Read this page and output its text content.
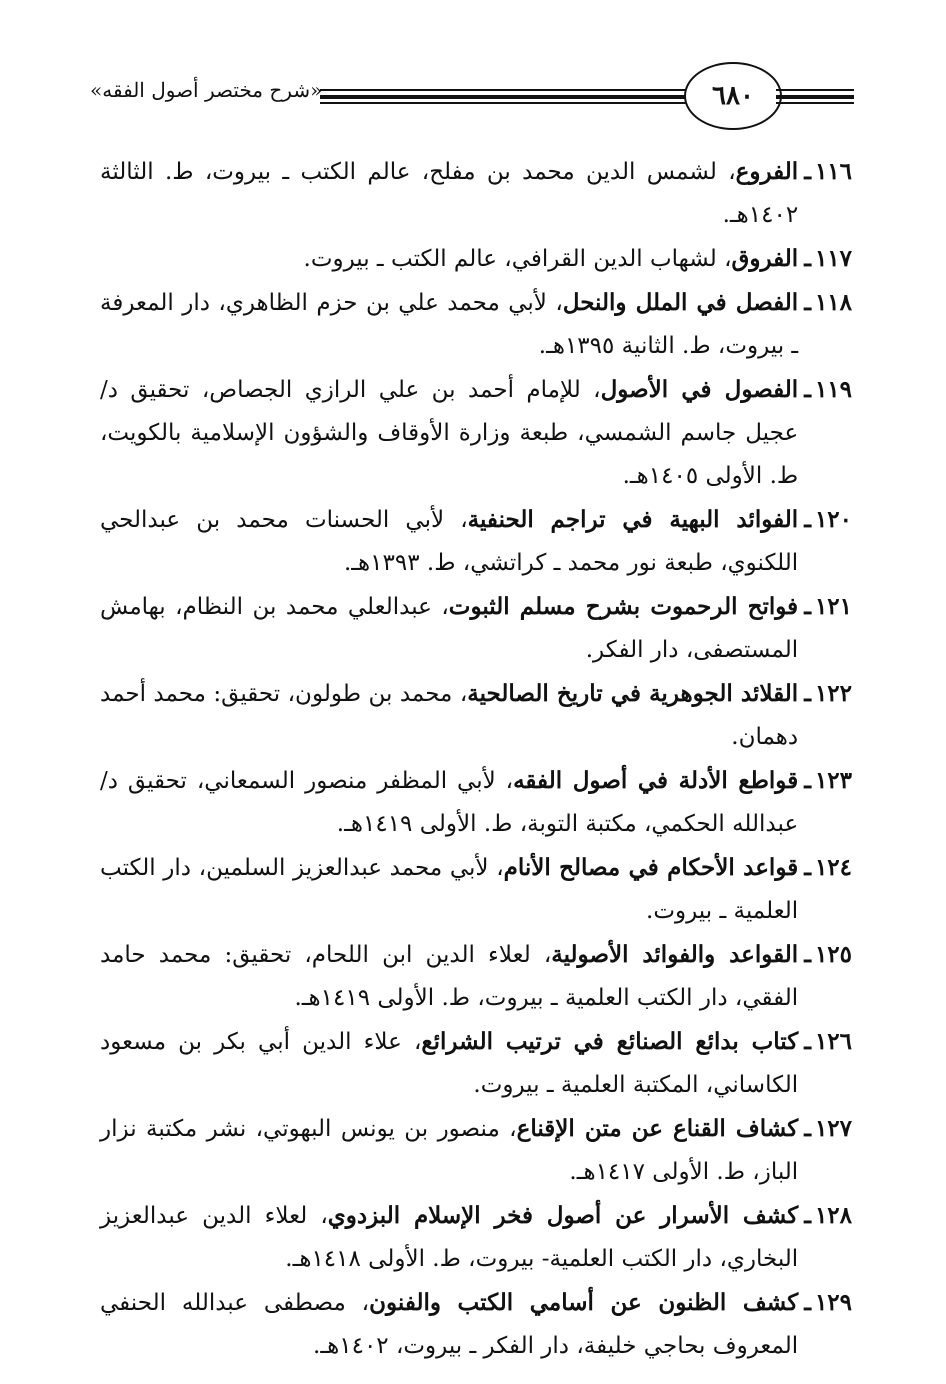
«شرح مختصر أصول الفقه»	٦٨٠
١١٦
ـ
الفروع، لشمس الدين محمد بن مفلح، عالم الكتب ـ بيروت، ط. الثالثة ١٤٠٢هـ.
١١٧
ـ
الفروق، لشهاب الدين القرافي، عالم الكتب ـ بيروت.
١١٨
ـ
الفصل في الملل والنحل، لأبي محمد علي بن حزم الظاهري، دار المعرفة ـ بيروت، ط. الثانية ١٣٩٥هـ.
١١٩
ـ
الفصول في الأصول، للإمام أحمد بن علي الرازي الجصاص، تحقيق د/عجيل جاسم الشمسي، طبعة وزارة الأوقاف والشؤون الإسلامية بالكويت، ط. الأولى ١٤٠٥هـ.
١٢٠
ـ
الفوائد البهية في تراجم الحنفية، لأبي الحسنات محمد بن عبدالحي اللكنوي، طبعة نور محمد ـ كراتشي، ط. ١٣٩٣هـ.
١٢١
ـ
فواتح الرحموت بشرح مسلم الثبوت، عبدالعلي محمد بن النظام، بهامش المستصفى، دار الفكر.
١٢٢
ـ
القلائد الجوهرية في تاريخ الصالحية، محمد بن طولون، تحقيق: محمد أحمد دهمان.
١٢٣
ـ
قواطع الأدلة في أصول الفقه، لأبي المظفر منصور السمعاني، تحقيق د/ عبدالله الحكمي، مكتبة التوبة، ط. الأولى ١٤١٩هـ.
١٢٤
ـ
قواعد الأحكام في مصالح الأنام، لأبي محمد عبدالعزيز السلمين، دار الكتب العلمية ـ بيروت.
١٢٥
ـ
القواعد والفوائد الأصولية، لعلاء الدين ابن اللحام، تحقيق: محمد حامد الفقي، دار الكتب العلمية ـ بيروت، ط. الأولى ١٤١٩هـ.
١٢٦
ـ
كتاب بدائع الصنائع في ترتيب الشرائع، علاء الدين أبي بكر بن مسعود الكاساني، المكتبة العلمية ـ بيروت.
١٢٧
ـ
كشاف القناع عن متن الإقناع، منصور بن يونس البهوتي، نشر مكتبة نزار الباز، ط. الأولى ١٤١٧هـ.
١٢٨
ـ
كشف الأسرار عن أصول فخر الإسلام البزدوي، لعلاء الدين عبدالعزيز البخاري، دار الكتب العلمية- بيروت، ط. الأولى ١٤١٨هـ.
١٢٩
ـ
كشف الظنون عن أسامي الكتب والفنون، مصطفى عبدالله الحنفي المعروف بحاجي خليفة، دار الفكر ـ بيروت، ١٤٠٢هـ.
